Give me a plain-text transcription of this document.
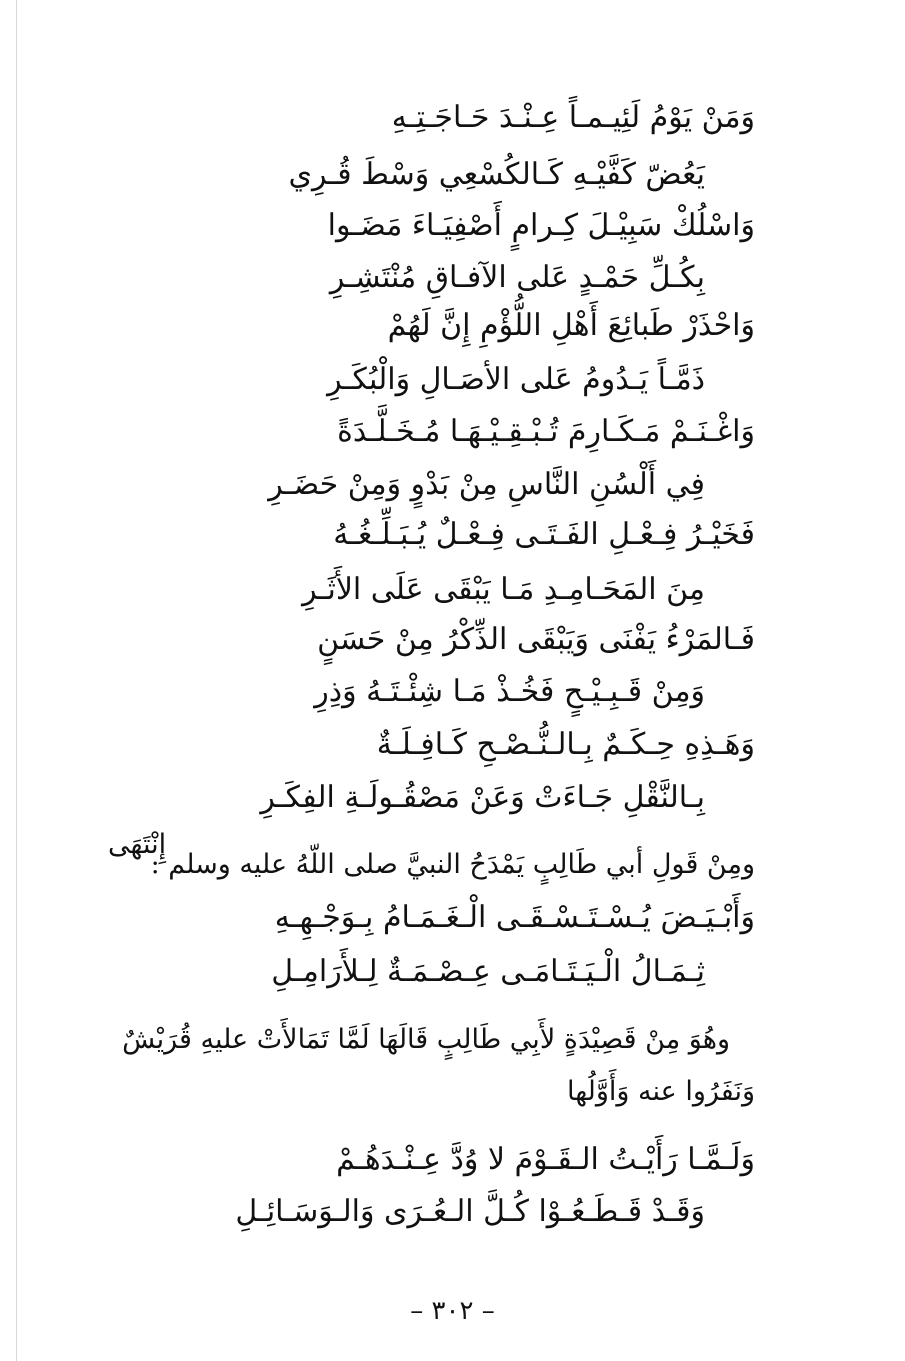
وَمَنْ يَوْمُ لَئِيـمـاً عِـنْـدَ حَـاجَـتِـهِ
يَعُضّ كَفَّيْـهِ كَـالكُسْعِي وَسْطَ قُـرِي
وَاسْلُكْ سَبِيْـلَ كِـرامٍ أَصْفِيَـاءَ مَضَـوا
بِكُـلِّ حَمْـدٍ عَلى الآفـاقِ مُنْتَشِـرِ
وَاحْذَرْ طَبائِعَ أَهْلِ اللُّؤْمِ إِنَّ لَهُمْ
ذَمَّـاً يَـدُومُ عَلى الأصَـالِ وَالْبُكَـرِ
وَاغْـنَـمْ مَـكَـارِمَ تُـبْـقِـيْـهَـا مُـخَـلَّـدَةً
فِي أَلْسُنِ النَّاسِ مِنْ بَدْوٍ وَمِنْ حَضَـرِ
فَخَيْـرُ فِـعْـلِ الفَـتَـى فِـعْـلٌ يُـبَـلِّـغُـهُ
مِنَ المَحَـامِـدِ مَـا يَبْقَى عَلَى الأَثَـرِ
فَـالمَرْءُ يَفْنَى وَيَبْقَى الذِّكْرُ مِنْ حَسَنٍ
وَمِنْ قَـبِـيْـحٍ فَخُـذْ مَـا شِئْـتَـهُ وَذِرِ
وَهَـذِهِ حِـكَـمٌ بِـالـنُّـصْـحِ كَـافِـلَـةٌ
بِـالنَّقْلِ جَـاءَتْ وَعَنْ مَصْقُـولَـةِ الفِكَـرِ
إِنْتَهَى
ومِنْ قَولِ أبي طَالِبٍ يَمْدَحُ النبيَّ صلى اللّهُ عليه وسلم :
وَأَبْـيَـضَ يُـسْـتَـسْـقَـى الْـغَـمَـامُ بِـوَجْـهِـهِ
ثِـمَـالُ الْـيَـتَـامَـى عِـصْـمَـةٌ لِـلأَرَامِـلِ
وهُوَ مِنْ قَصِيْدَةٍ لأَبِي طَالِبٍ قَالَهَا لَمَّا تَمَالأَتْ عليهِ قُرَيْشٌ
وَنَفَرُوا عنه وَأَوَّلُها
وَلَـمَّـا رَأَيْـتُ الـقَـوْمَ لا وُدَّ عِـنْـدَهُـمْ
وَقَـدْ قَـطَـعُـوْا كُـلَّ الـعُـرَى وَالـوَسَـائِـلِ
– ٣٠٢ –
